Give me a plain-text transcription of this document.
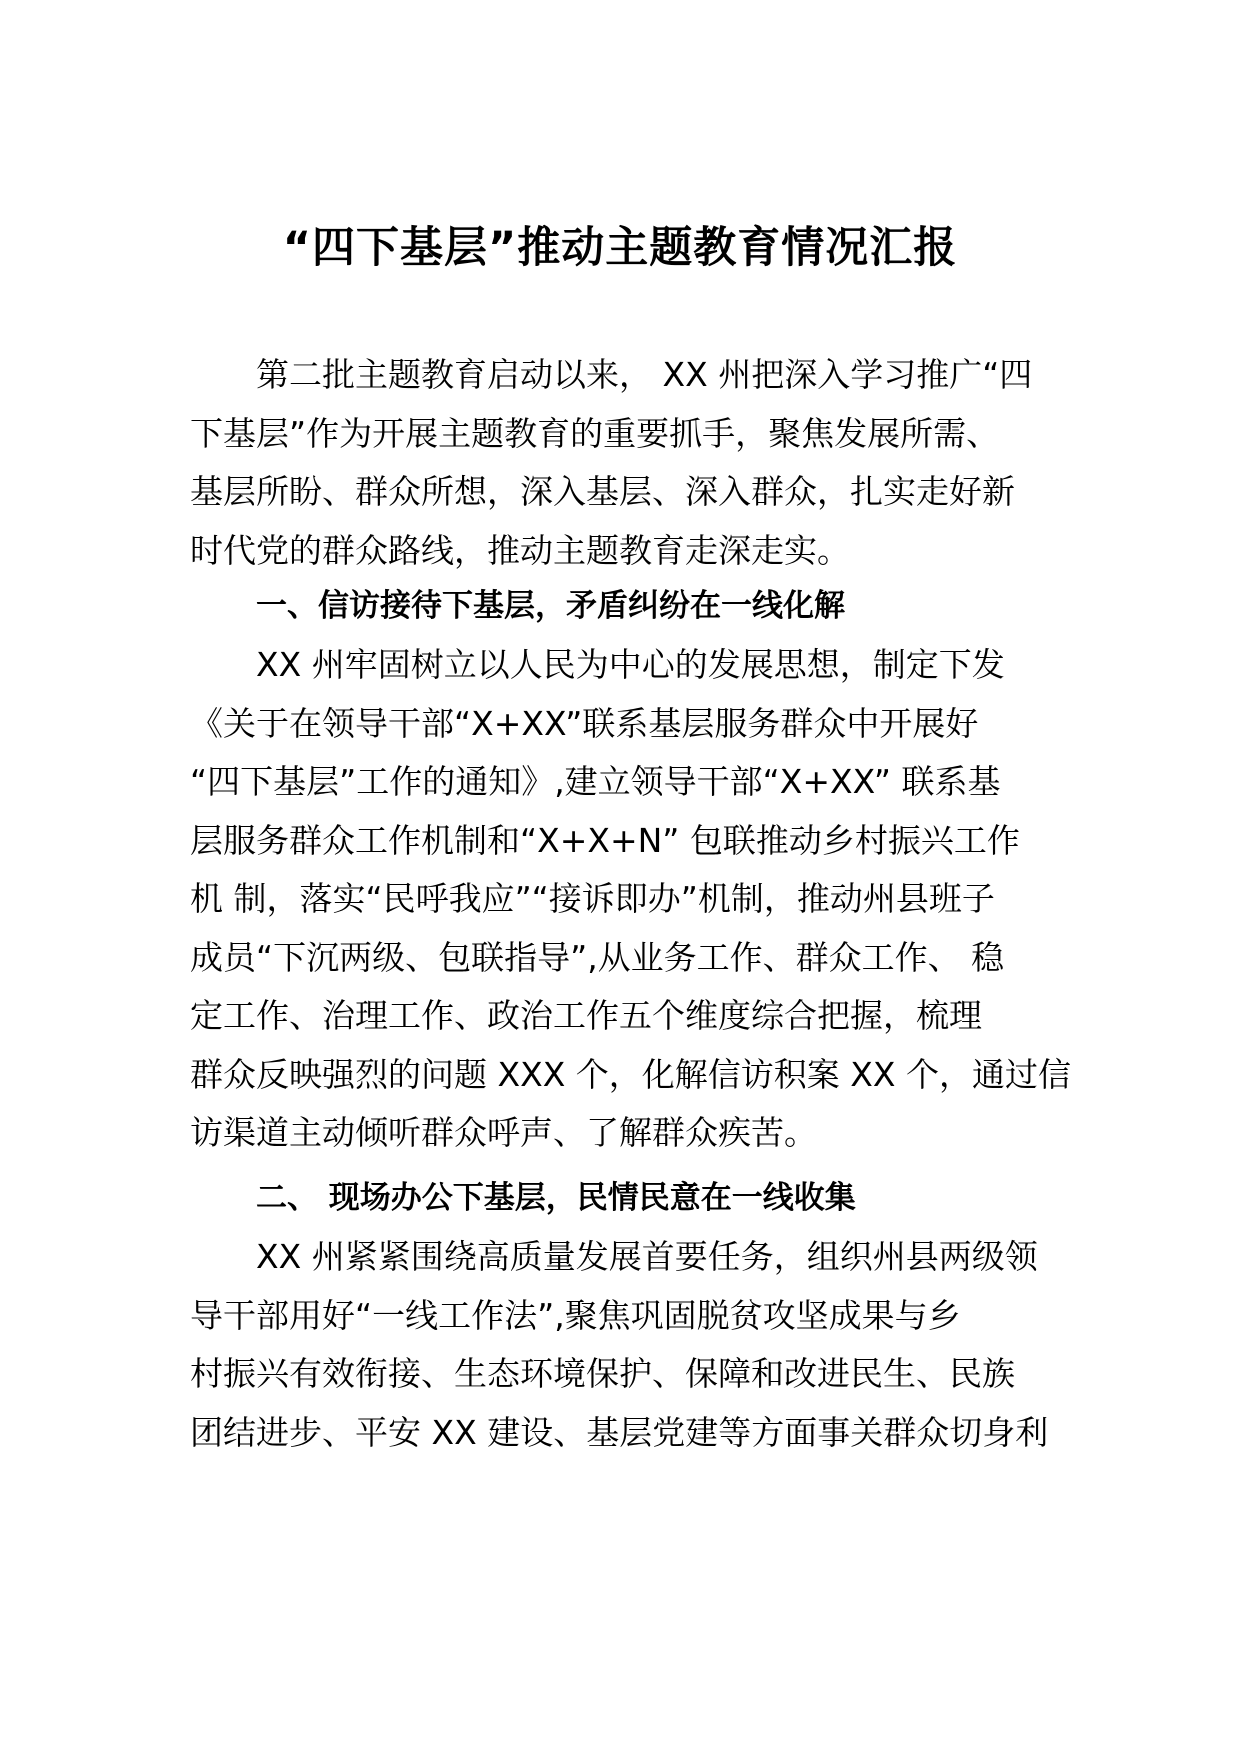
“四下基层”推动主题教育情况汇报
　　第二批主题教育启动以来， XX 州把深入学习推广“四
下基层”作为开展主题教育的重要抓手，聚焦发展所需、
基层所盼、群众所想，深入基层、深入群众，扎实走好新
时代党的群众路线，推动主题教育走深走实。
一、信访接待下基层，矛盾纠纷在一线化解
　　XX 州牢固树立以人民为中心的发展思想，制定下发
《关于在领导干部“X+XX”联系基层服务群众中开展好
“四下基层”工作的通知》,建立领导干部“X+XX” 联系基
层服务群众工作机制和“X+X+N” 包联推动乡村振兴工作
机 制，落实“民呼我应”“接诉即办”机制，推动州县班子
成员“下沉两级、包联指导”,从业务工作、群众工作、 稳
定工作、治理工作、政治工作五个维度综合把握，梳理
群众反映强烈的问题 XXX 个，化解信访积案 XX 个，通过信
访渠道主动倾听群众呼声、了解群众疾苦。
二、 现场办公下基层，民情民意在一线收集
　　XX 州紧紧围绕高质量发展首要任务，组织州县两级领
导干部用好“一线工作法”,聚焦巩固脱贫攻坚成果与乡
村振兴有效衔接、生态环境保护、保障和改进民生、民族
团结进步、平安 XX 建设、基层党建等方面事关群众切身利
